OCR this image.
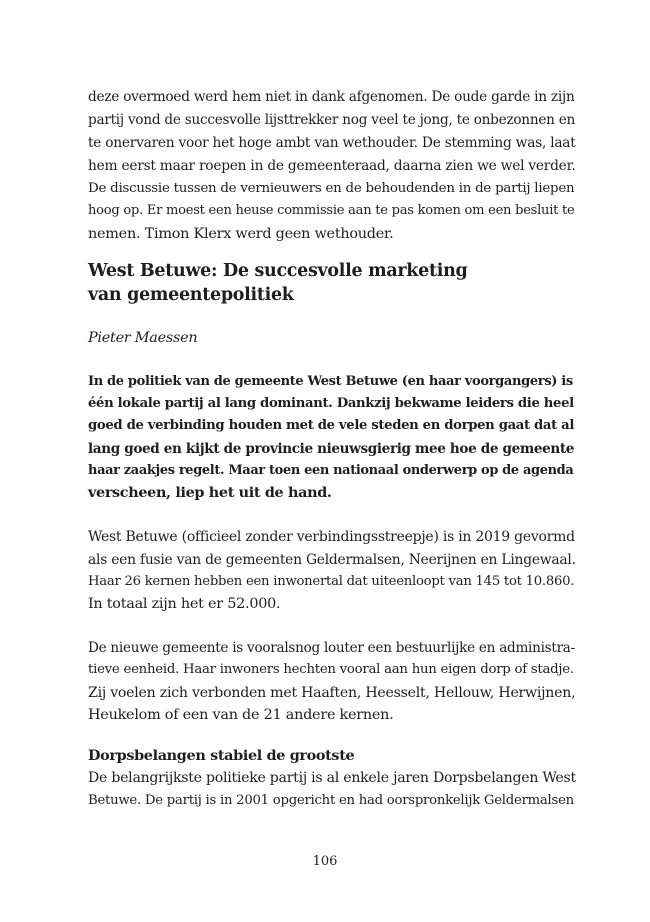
deze overmoed werd hem niet in dank afgenomen. De oude garde in zijn
partij vond de succesvolle lijsttrekker nog veel te jong, te onbezonnen en
te onervaren voor het hoge ambt van wethouder. De stemming was, laat
hem eerst maar roepen in de gemeenteraad, daarna zien we wel verder.
De discussie tussen de vernieuwers en de behoudenden in de partij liepen
hoog op. Er moest een heuse commissie aan te pas komen om een besluit te
nemen. Timon Klerx werd geen wethouder.
West Betuwe: De succesvolle marketing
van gemeentepolitiek
Pieter Maessen
In de politiek van de gemeente West Betuwe (en haar voorgangers) is
één lokale partij al lang dominant. Dankzij bekwame leiders die heel
goed de verbinding houden met de vele steden en dorpen gaat dat al
lang goed en kijkt de provincie nieuwsgierig mee hoe de gemeente
haar zaakjes regelt. Maar toen een nationaal onderwerp op de agenda
verscheen, liep het uit de hand.
West Betuwe (officieel zonder verbindingsstreepje) is in 2019 gevormd
als een fusie van de gemeenten Geldermalsen, Neerijnen en Lingewaal.
Haar 26 kernen hebben een inwonertal dat uiteenloopt van 145 tot 10.860.
In totaal zijn het er 52.000.
De nieuwe gemeente is vooralsnog louter een bestuurlijke en administra-
tieve eenheid. Haar inwoners hechten vooral aan hun eigen dorp of stadje.
Zij voelen zich verbonden met Haaften, Heesselt, Hellouw, Herwijnen,
Heukelom of een van de 21 andere kernen.
Dorpsbelangen stabiel de grootste
De belangrijkste politieke partij is al enkele jaren Dorpsbelangen West
Betuwe. De partij is in 2001 opgericht en had oorspronkelijk Geldermalsen
106
